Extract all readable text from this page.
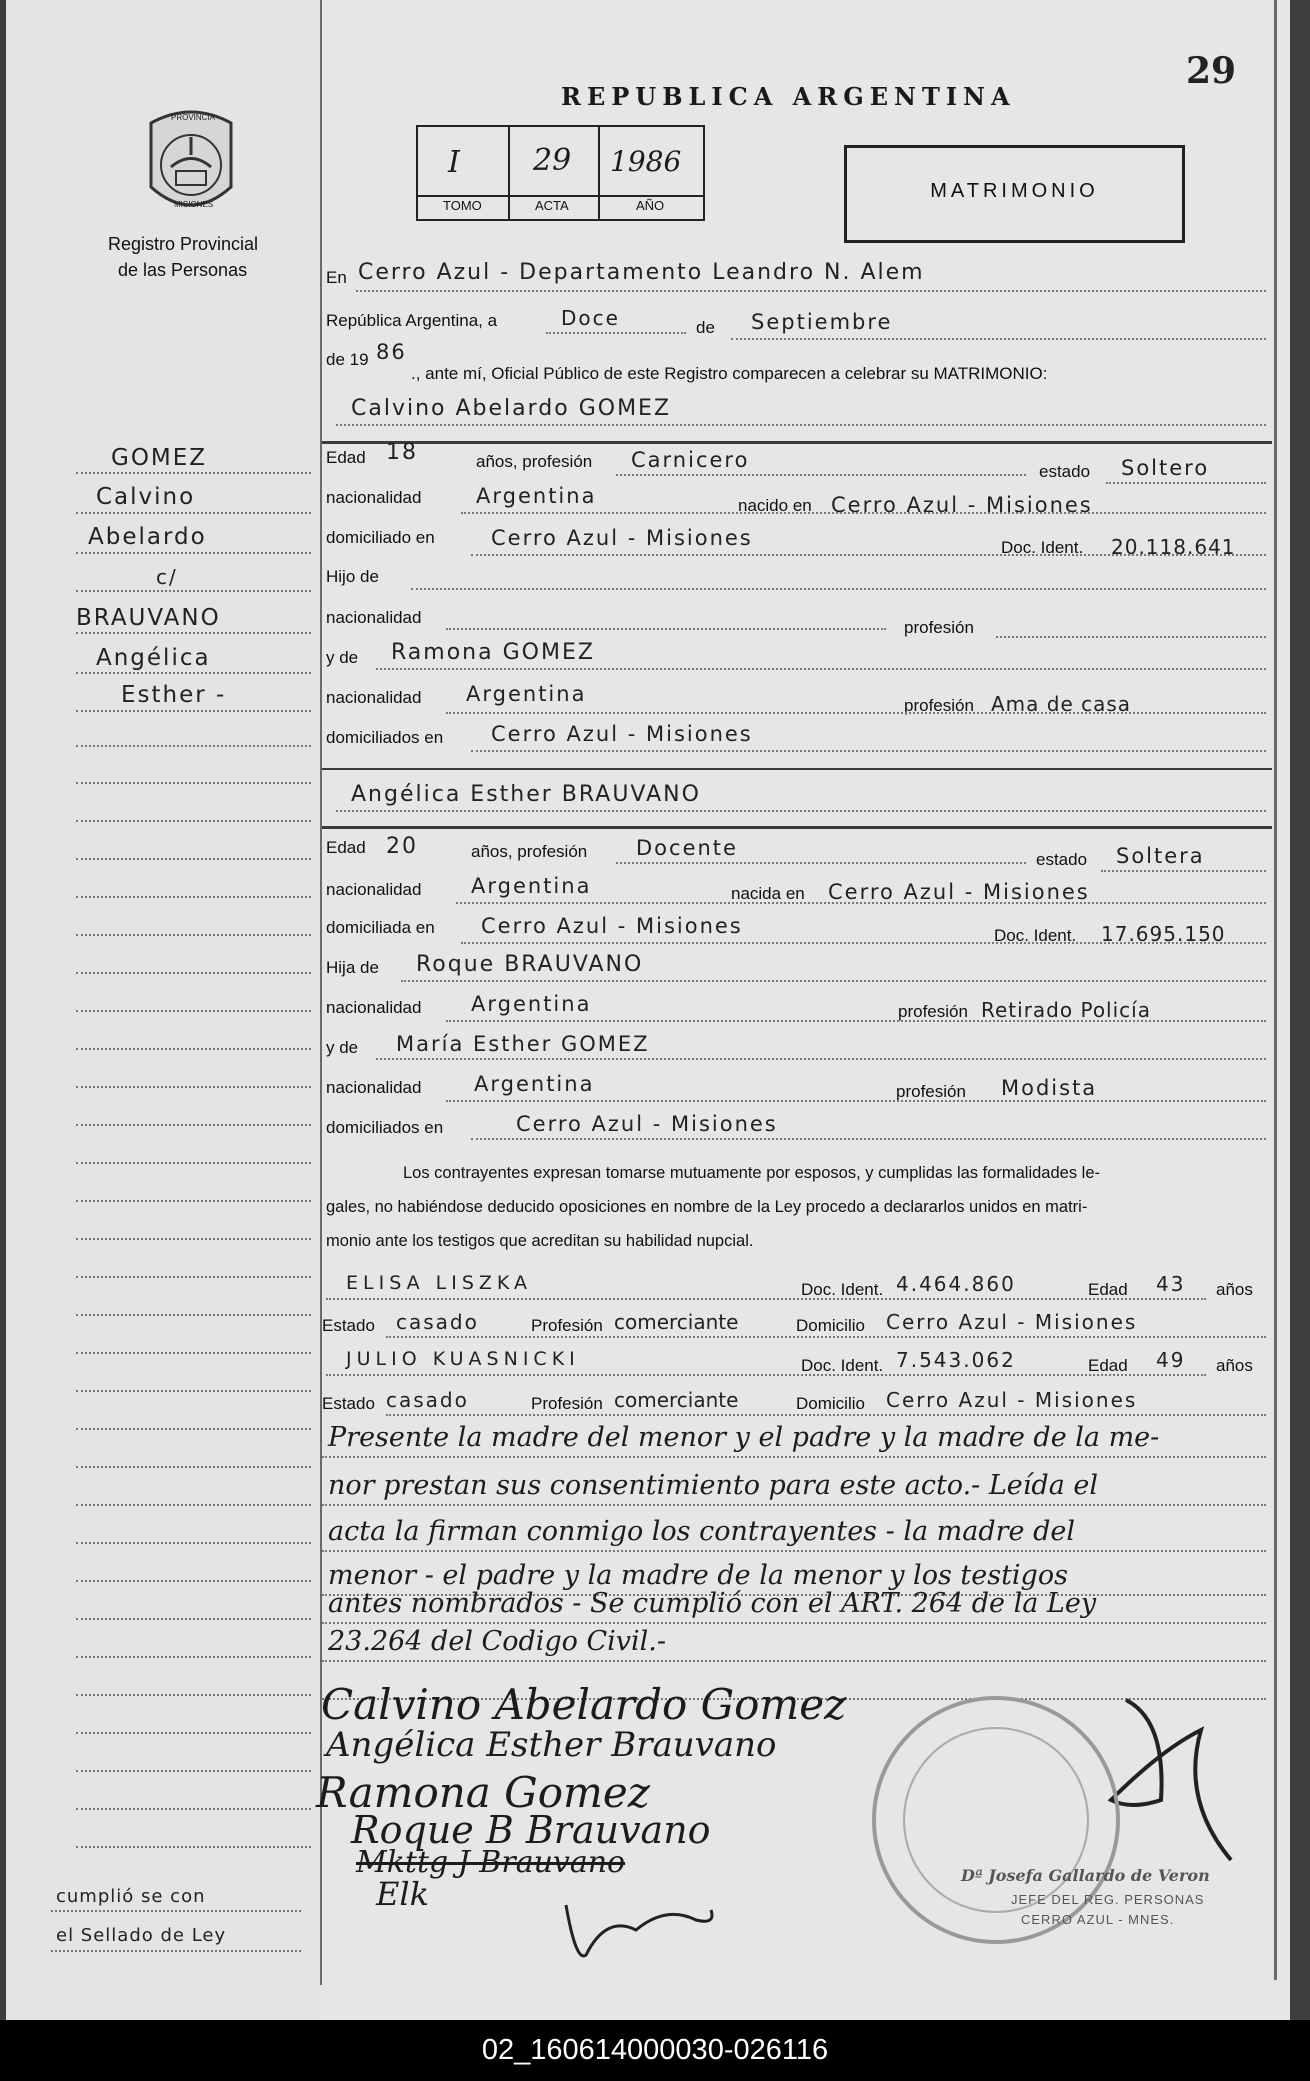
29
REPUBLICA ARGENTINA
I 29 1986
TOMO	ACTA	AÑO
MATRIMONIO
PROVINCIA
MISIONES
Registro Provincial
de las Personas
GOMEZ
Calvino
Abelardo
c/
BRAUVANO
Angélica
Esther -
cumplió se con
el Sellado de Ley
En Cerro Azul - Departamento Leandro N. Alem
República Argentina, a	Doce	de Septiembre
de 19 86
., ante mí, Oficial Público de este Registro comparecen a celebrar su MATRIMONIO:
Calvino Abelardo GOMEZ
Edad 18	años, profesión Carnicero	estado Soltero
nacionalidad	Argentina	nacido en Cerro Azul - Misiones
domiciliado en	Cerro Azul - Misiones	Doc. Ident. 20.118.641
Hijo de
nacionalidad
profesión
y de Ramona GOMEZ
nacionalidad Argentina	profesión Ama de casa
domiciliados en Cerro Azul - Misiones
Angélica Esther BRAUVANO
Edad 20	años, profesión Docente	estado Soltera
nacionalidad Argentina	nacida en Cerro Azul - Misiones
domiciliada en Cerro Azul - Misiones	Doc. Ident. 17.695.150
Hija de Roque BRAUVANO
nacionalidad Argentina	profesión Retirado Policía
y de María Esther GOMEZ
nacionalidad	Argentina	profesión Modista
domiciliados en	Cerro Azul - Misiones
Los contrayentes expresan tomarse mutuamente por esposos, y cumplidas las formalidades le-
gales, no habiéndose deducido oposiciones en nombre de la Ley procedo a declararlos unidos en matri-
monio ante los testigos que acreditan su habilidad nupcial.
ELISA LISZKA	Doc. Ident. 4.464.860	Edad 43 años
Estado casado	Profesión comerciante	Domicilio Cerro Azul - Misiones
JULIO KUASNICKI	Doc. Ident. 7.543.062	Edad 49 años
Estado casado	Profesión comerciante	Domicilio Cerro Azul - Misiones
Presente la madre del menor y el padre y la madre de la me-
nor prestan sus consentimiento para este acto.- Leída el
acta la firman conmigo los contrayentes - la madre del
menor - el padre y la madre de la menor y los testigos
antes nombrados - Se cumplió con el ART. 264 de la Ley
23.264 del Codigo Civil.-
Calvino Abelardo Gomez
Angélica Esther Brauvano
Ramona Gomez
Roque B Brauvano
Mkttg J Brauvano
Elk	Dª Josefa Gallardo de Veron
JEFE DEL REG. PERSONAS
CERRO AZUL - MNES.
02_160614000030-026116
